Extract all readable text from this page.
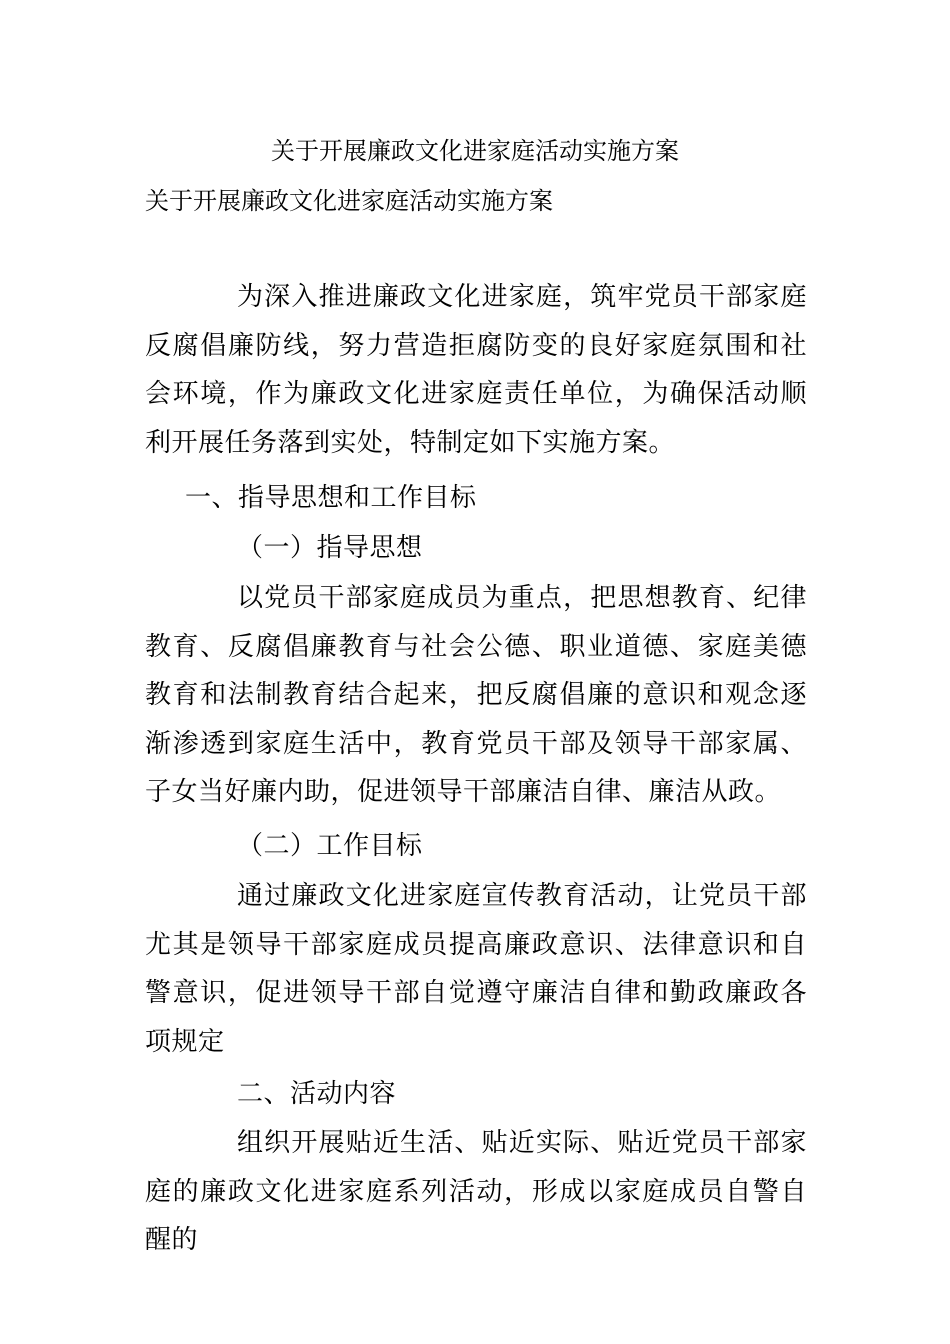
关于开展廉政文化进家庭活动实施方案
关于开展廉政文化进家庭活动实施方案

为深入推进廉政文化进家庭，筑牢党员干部家庭反腐倡廉防线，努力营造拒腐防变的良好家庭氛围和社会环境，作为廉政文化进家庭责任单位，为确保活动顺利开展任务落到实处，特制定如下实施方案。

一、指导思想和工作目标

（一）指导思想

以党员干部家庭成员为重点，把思想教育、纪律教育、反腐倡廉教育与社会公德、职业道德、家庭美德教育和法制教育结合起来，把反腐倡廉的意识和观念逐渐渗透到家庭生活中，教育党员干部及领导干部家属、子女当好廉内助，促进领导干部廉洁自律、廉洁从政。

（二）工作目标

通过廉政文化进家庭宣传教育活动，让党员干部尤其是领导干部家庭成员提高廉政意识、法律意识和自警意识，促进领导干部自觉遵守廉洁自律和勤政廉政各项规定

二、活动内容

组织开展贴近生活、贴近实际、贴近党员干部家庭的廉政文化进家庭系列活动，形成以家庭成员自警自醒的
